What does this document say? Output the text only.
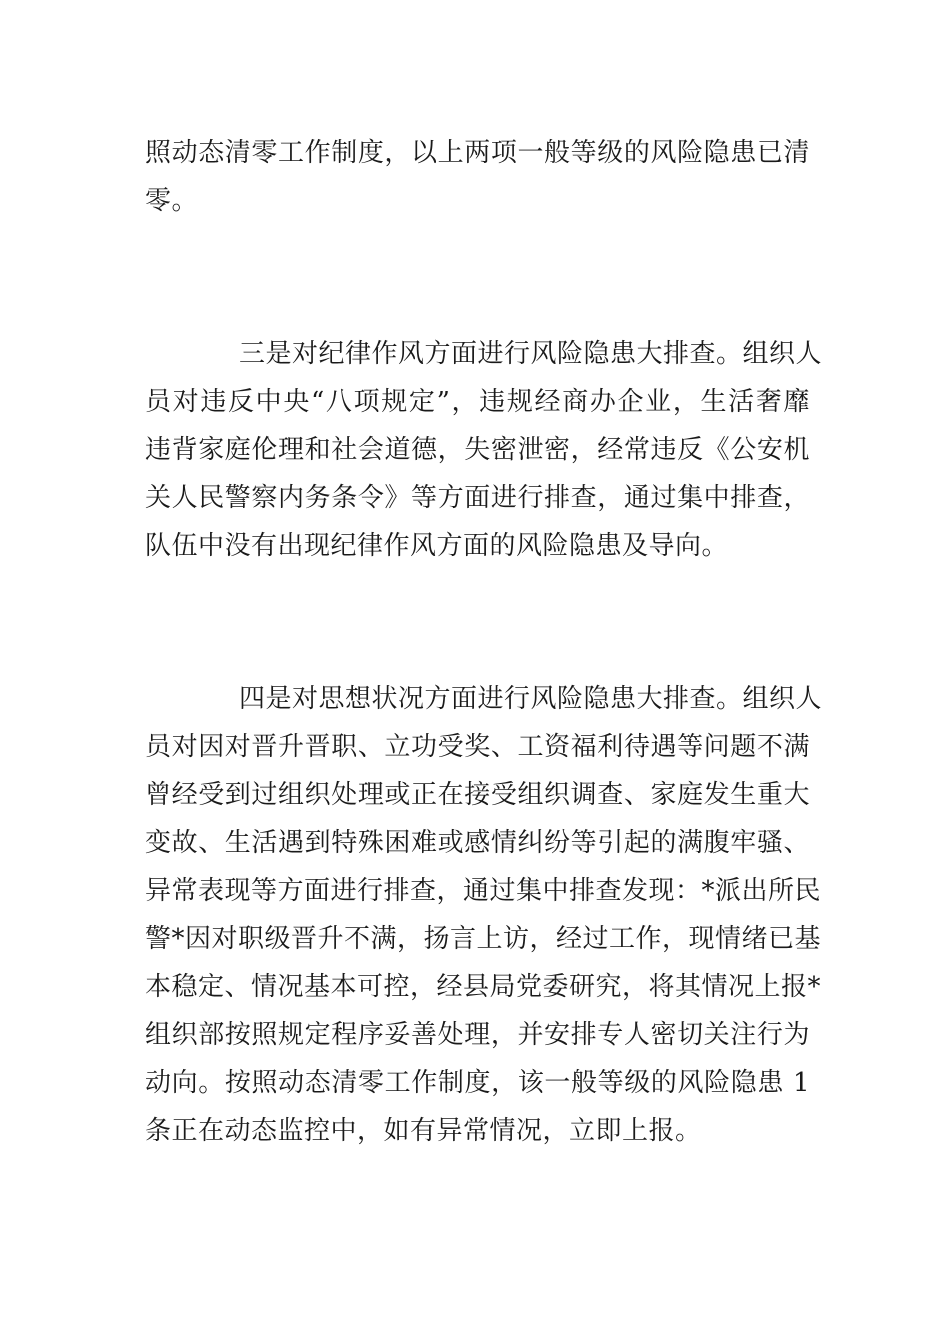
照动态清零工作制度，以上两项一般等级的风险隐患已清
零。
三是对纪律作风方面进行风险隐患大排查。组织人
员对违反中央“八项规定”，违规经商办企业，生活奢靡
违背家庭伦理和社会道德，失密泄密，经常违反《公安机
关人民警察内务条令》等方面进行排查，通过集中排查，
队伍中没有出现纪律作风方面的风险隐患及导向。
四是对思想状况方面进行风险隐患大排查。组织人
员对因对晋升晋职、立功受奖、工资福利待遇等问题不满
曾经受到过组织处理或正在接受组织调查、家庭发生重大
变故、生活遇到特殊困难或感情纠纷等引起的满腹牢骚、
异常表现等方面进行排查，通过集中排查发现：*派出所民
警*因对职级晋升不满，扬言上访，经过工作，现情绪已基
本稳定、情况基本可控，经县局党委研究，将其情况上报*
组织部按照规定程序妥善处理，并安排专人密切关注行为
动向。按照动态清零工作制度，该一般等级的风险隐患 1
条正在动态监控中，如有异常情况，立即上报。
